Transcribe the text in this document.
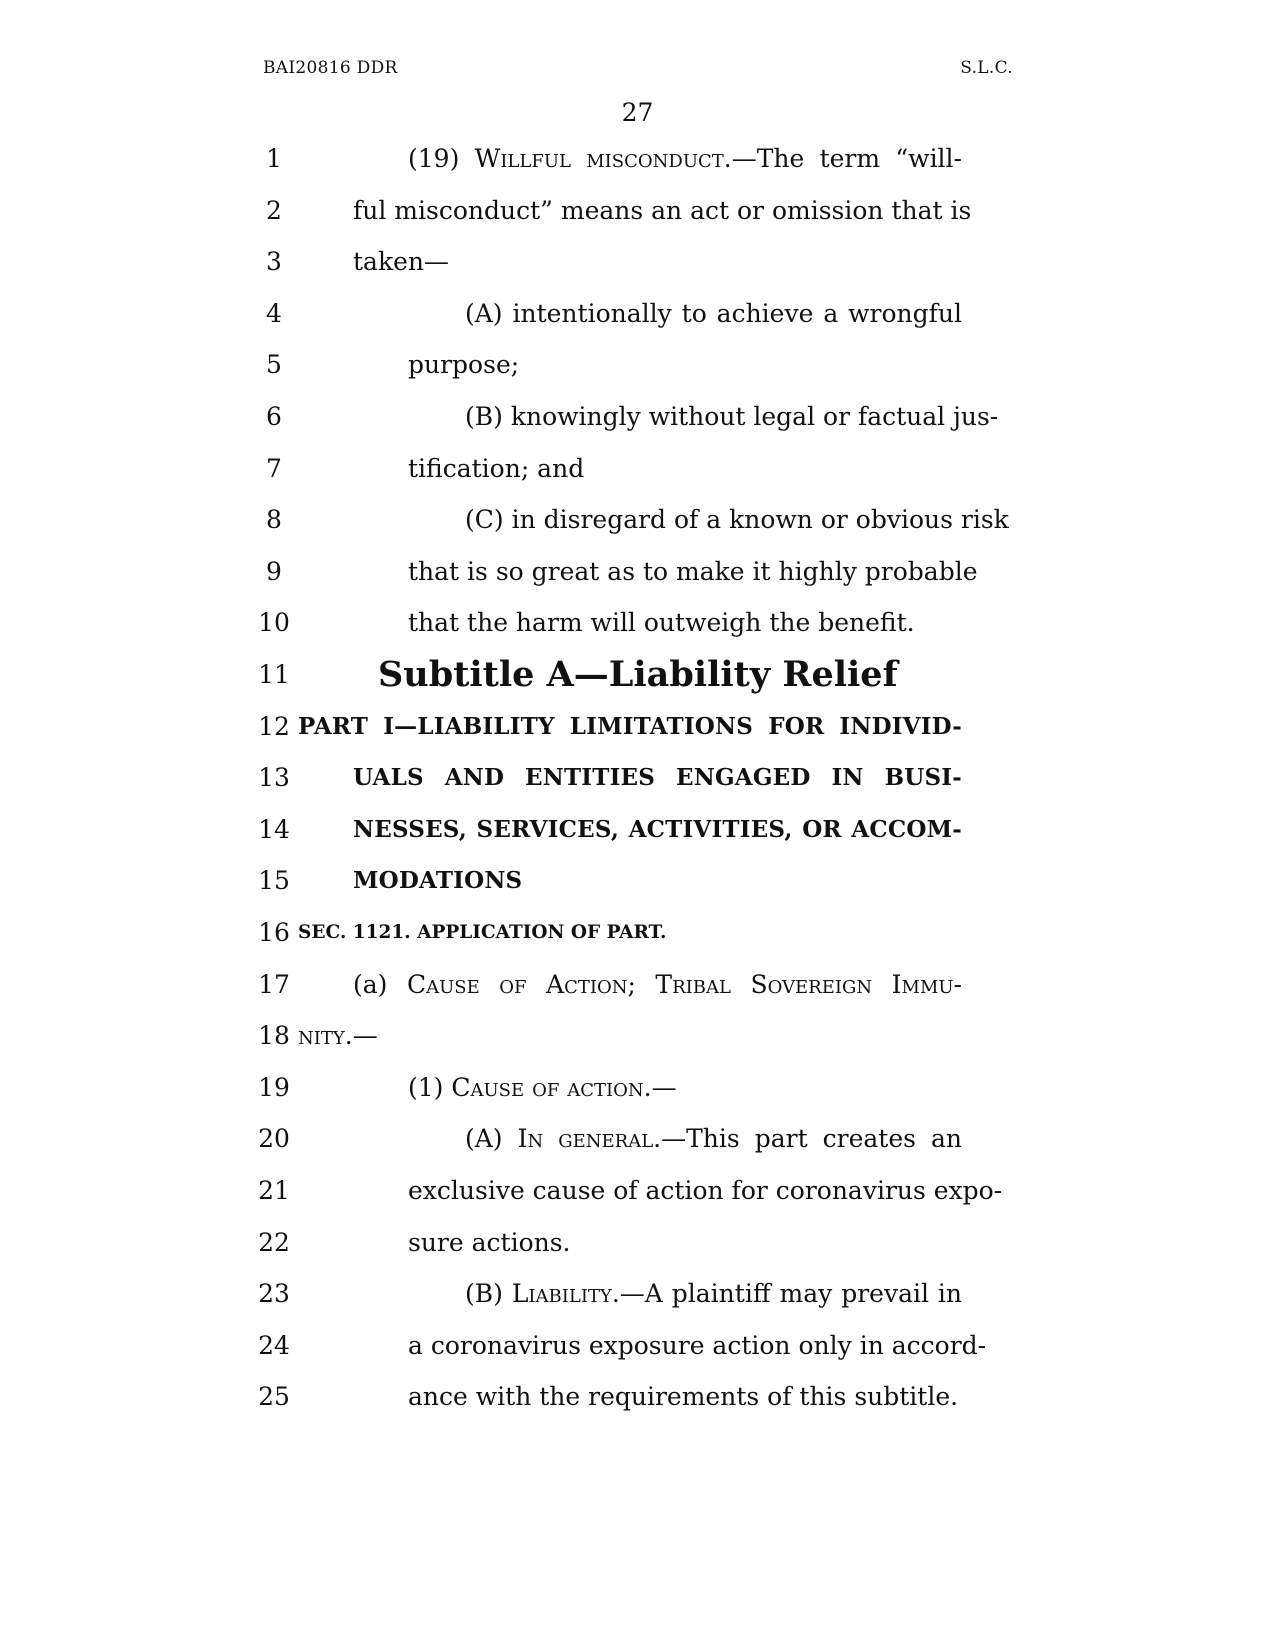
BAI20816 DDR	S.L.C.
27
1	(19) Willful misconduct.—The term “will-
2	ful misconduct” means an act or omission that is
3	taken—
4	(A) intentionally to achieve a wrongful
5	purpose;
6	(B) knowingly without legal or factual jus-
7	tification; and
8	(C) in disregard of a known or obvious risk
9	that is so great as to make it highly probable
10	that the harm will outweigh the benefit.
11	Subtitle A—Liability Relief
12 PART I—LIABILITY LIMITATIONS FOR INDIVID-
13	UALS AND ENTITIES ENGAGED IN BUSI-
14	NESSES, SERVICES, ACTIVITIES, OR ACCOM-
15	MODATIONS
16 SEC. 1121. APPLICATION OF PART.
17	(a) Cause of Action; Tribal Sovereign Immu-
18 nity.—
19	(1) Cause of action.—
20	(A) In general.—This part creates an
21	exclusive cause of action for coronavirus expo-
22	sure actions.
23	(B) Liability.—A plaintiff may prevail in
24	a coronavirus exposure action only in accord-
25	ance with the requirements of this subtitle.
